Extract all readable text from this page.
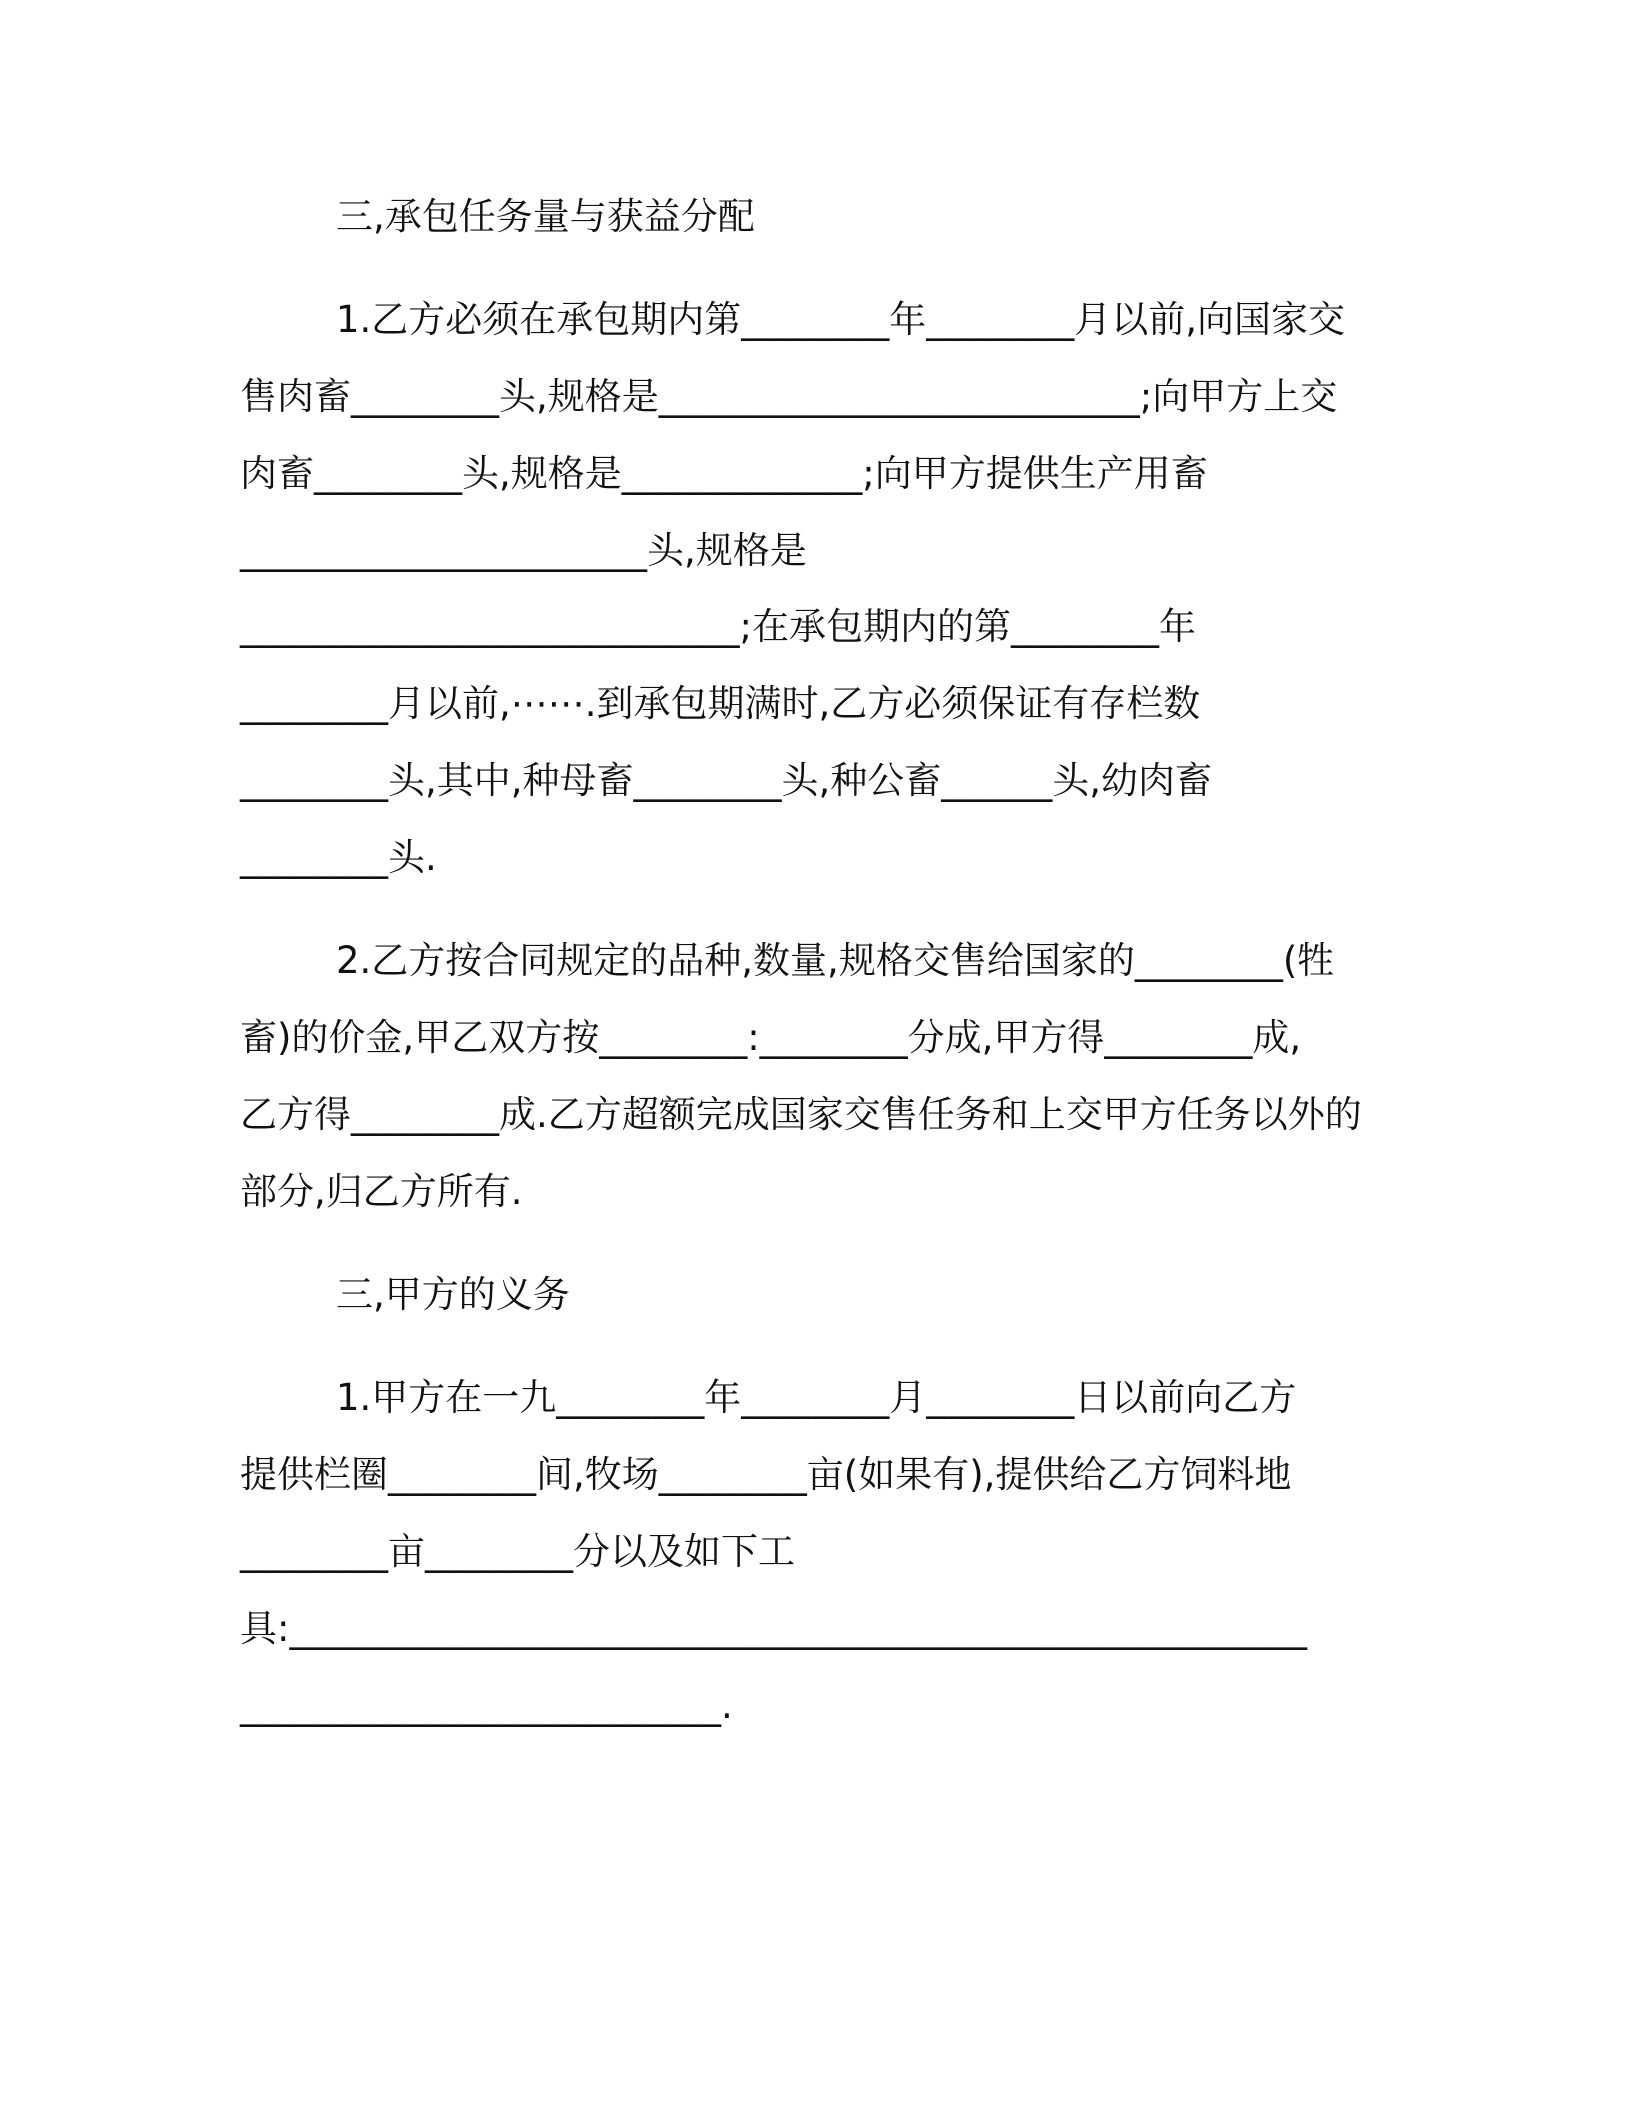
三,承包任务量与获益分配
1.乙方必须在承包期内第________年________月以前,向国家交
售肉畜________头,规格是__________________________;向甲方上交
肉畜________头,规格是_____________;向甲方提供生产用畜
______________________头,规格是
___________________________;在承包期内的第________年
________月以前,⋯⋯.到承包期满时,乙方必须保证有存栏数
________头,其中,种母畜________头,种公畜______头,幼肉畜
________头.
2.乙方按合同规定的品种,数量,规格交售给国家的________(牲
畜)的价金,甲乙双方按________:________分成,甲方得________成,
乙方得________成.乙方超额完成国家交售任务和上交甲方任务以外的
部分,归乙方所有.
三,甲方的义务
1.甲方在一九________年________月________日以前向乙方
提供栏圈________间,牧场________亩(如果有),提供给乙方饲料地
________亩________分以及如下工
具:_______________________________________________________
__________________________.
